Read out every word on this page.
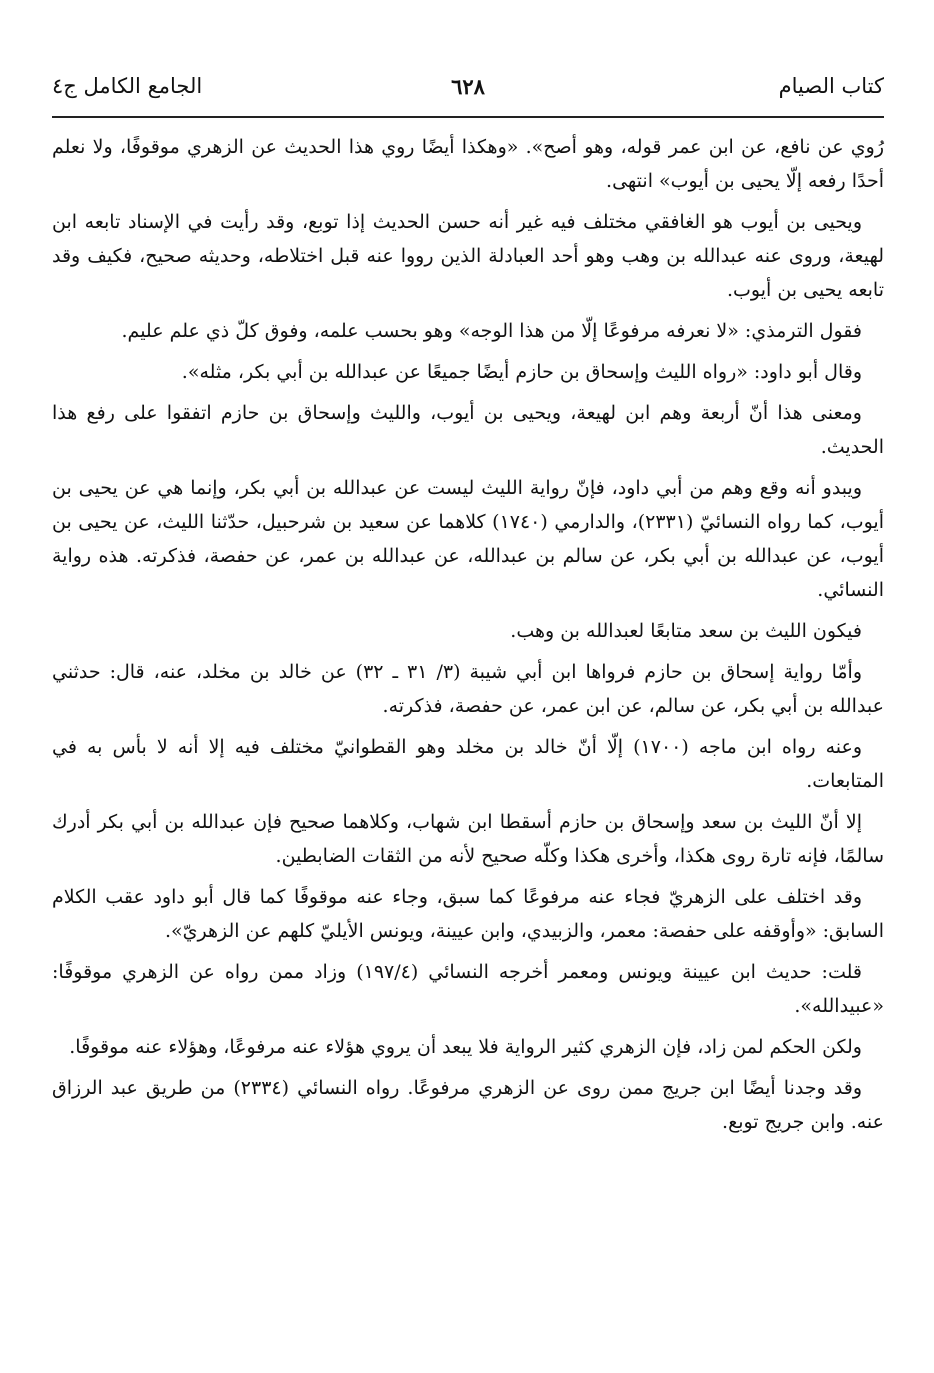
كتاب الصيام
٦٢٨
الجامع الكامل ج٤

رُوي عن نافع، عن ابن عمر قوله، وهو أصح». «وهكذا أيضًا روي هذا الحديث عن الزهري موقوفًا، ولا نعلم أحدًا رفعه إلّا يحيى بن أيوب» انتهى.

ويحيى بن أيوب هو الغافقي مختلف فيه غير أنه حسن الحديث إذا توبع، وقد رأيت في الإسناد تابعه ابن لهيعة، وروى عنه عبدالله بن وهب وهو أحد العبادلة الذين رووا عنه قبل اختلاطه، وحديثه صحيح، فكيف وقد تابعه يحيى بن أيوب.

فقول الترمذي: «لا نعرفه مرفوعًا إلّا من هذا الوجه» وهو بحسب علمه، وفوق كلّ ذي علم عليم.

وقال أبو داود: «رواه الليث وإسحاق بن حازم أيضًا جميعًا عن عبدالله بن أبي بكر، مثله».

ومعنى هذا أنّ أربعة وهم ابن لهيعة، ويحيى بن أيوب، والليث وإسحاق بن حازم اتفقوا على رفع هذا الحديث.

ويبدو أنه وقع وهم من أبي داود، فإنّ رواية الليث ليست عن عبدالله بن أبي بكر، وإنما هي عن يحيى بن أيوب، كما رواه النسائيّ (٢٣٣١)، والدارمي (١٧٤٠) كلاهما عن سعيد بن شرحبيل، حدّثنا الليث، عن يحيى بن أيوب، عن عبدالله بن أبي بكر، عن سالم بن عبدالله، عن عبدالله بن عمر، عن حفصة، فذكرته. هذه رواية النسائي.

فيكون الليث بن سعد متابعًا لعبدالله بن وهب.

وأمّا رواية إسحاق بن حازم فرواها ابن أبي شيبة (٣/ ٣١ ـ ٣٢) عن خالد بن مخلد، عنه، قال: حدثني عبدالله بن أبي بكر، عن سالم، عن ابن عمر، عن حفصة، فذكرته.

وعنه رواه ابن ماجه (١٧٠٠) إلّا أنّ خالد بن مخلد وهو القطوانيّ مختلف فيه إلا أنه لا بأس به في المتابعات.

إلا أنّ الليث بن سعد وإسحاق بن حازم أسقطا ابن شهاب، وكلاهما صحيح فإن عبدالله بن أبي بكر أدرك سالمًا، فإنه تارة روى هكذا، وأخرى هكذا وكلّه صحيح لأنه من الثقات الضابطين.

وقد اختلف على الزهريّ فجاء عنه مرفوعًا كما سبق، وجاء عنه موقوفًا كما قال أبو داود عقب الكلام السابق: «وأوقفه على حفصة: معمر، والزبيدي، وابن عيينة، ويونس الأيليّ كلهم عن الزهريّ».

قلت: حديث ابن عيينة ويونس ومعمر أخرجه النسائي (١٩٧/٤) وزاد ممن رواه عن الزهري موقوفًا: «عبيدالله».

ولكن الحكم لمن زاد، فإن الزهري كثير الرواية فلا يبعد أن يروي هؤلاء عنه مرفوعًا، وهؤلاء عنه موقوفًا.

وقد وجدنا أيضًا ابن جريج ممن روى عن الزهري مرفوعًا. رواه النسائي (٢٣٣٤) من طريق عبد الرزاق عنه. وابن جريج توبع.
